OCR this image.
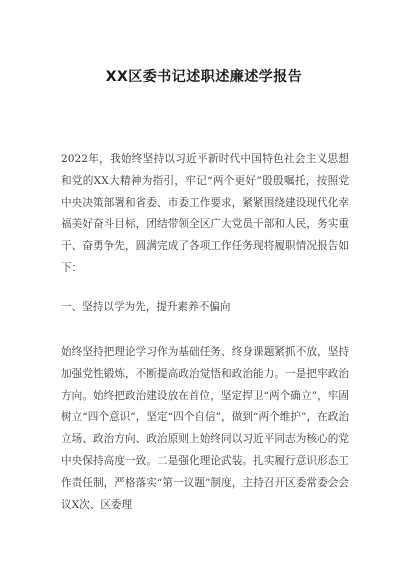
XX区委书记述职述廉述学报告

2022年，我始终坚持以习近平新时代中国特色社会主义思想和党的XX大精神为指引，牢记“两个更好”殷殷嘱托，按照党中央决策部署和省委、市委工作要求，紧紧围绕建设现代化幸福美好奋斗目标，团结带领全区广大党员干部和人民，务实重干、奋勇争先，圆满完成了各项工作任务现将履职情况报告如下：

一、坚持以学为先，提升素养不偏向

始终坚持把理论学习作为基础任务、终身课题紧抓不放，坚持加强党性锻炼，不断提高政治觉悟和政治能力。一是把牢政治方向。始终把政治建设放在首位，坚定捍卫“两个确立”，牢固树立“四个意识”，坚定“四个自信”，做到“两个维护”，在政治立场、政治方向、政治原则上始终同以习近平同志为核心的党中央保持高度一致。二是强化理论武装。扎实履行意识形态工作责任制，严格落实“第一议题”制度，主持召开区委常委会会议X次、区委理
